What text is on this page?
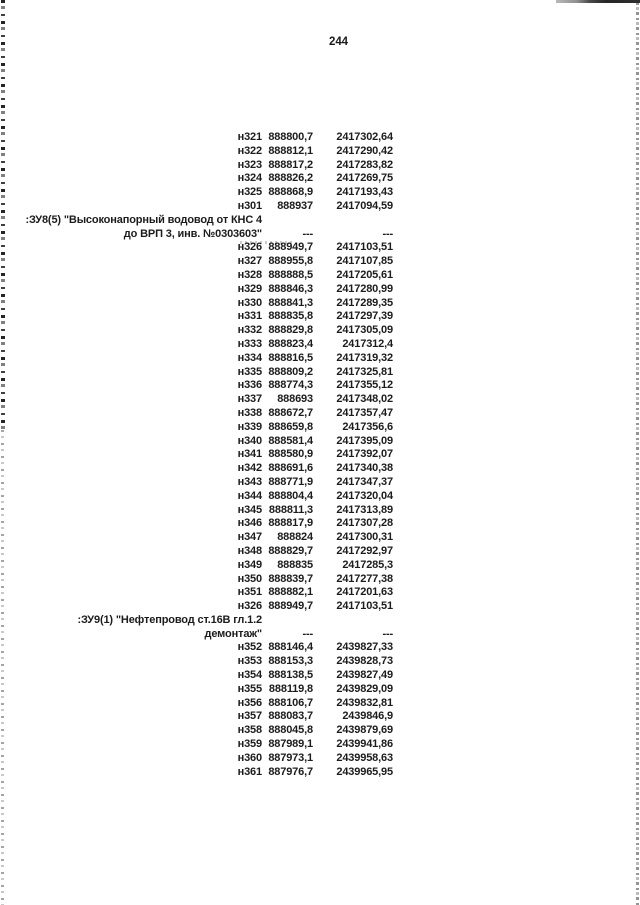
244
н321 888800,7	2417302,64
н322 888812,1	2417290,42
н323 888817,2	2417283,82
н324 888826,2	2417269,75
н325 888868,9	2417193,43
н301	888937	2417094,59
:ЗУ8(5) "Высоконапорный водовод от КНС 4
до ВРП 3, инв. №0303603"	---	---
н326 888949,7	2417103,51
н327 888955,8	2417107,85
н328 888888,5	2417205,61
н329 888846,3	2417280,99
н330 888841,3	2417289,35
н331 888835,8	2417297,39
н332 888829,8	2417305,09
н333 888823,4	2417312,4
н334 888816,5	2417319,32
н335 888809,2	2417325,81
н336 888774,3	2417355,12
н337	888693	2417348,02
н338 888672,7	2417357,47
н339 888659,8	2417356,6
н340 888581,4	2417395,09
н341 888580,9	2417392,07
н342 888691,6	2417340,38
н343 888771,9	2417347,37
н344 888804,4	2417320,04
н345 888811,3	2417313,89
н346 888817,9	2417307,28
н347	888824	2417300,31
н348 888829,7	2417292,97
н349	888835	2417285,3
н350 888839,7	2417277,38
н351 888882,1	2417201,63
н326 888949,7	2417103,51
:ЗУ9(1) "Нефтепровод ст.16В гл.1.2
демонтаж"	---	---
н352 888146,4	2439827,33
н353 888153,3	2439828,73
н354 888138,5	2439827,49
н355 888119,8	2439829,09
н356 888106,7	2439832,81
н357 888083,7	2439846,9
н358 888045,8	2439879,69
н359 887989,1	2439941,86
н360 887973,1	2439958,63
н361 887976,7	2439965,95
